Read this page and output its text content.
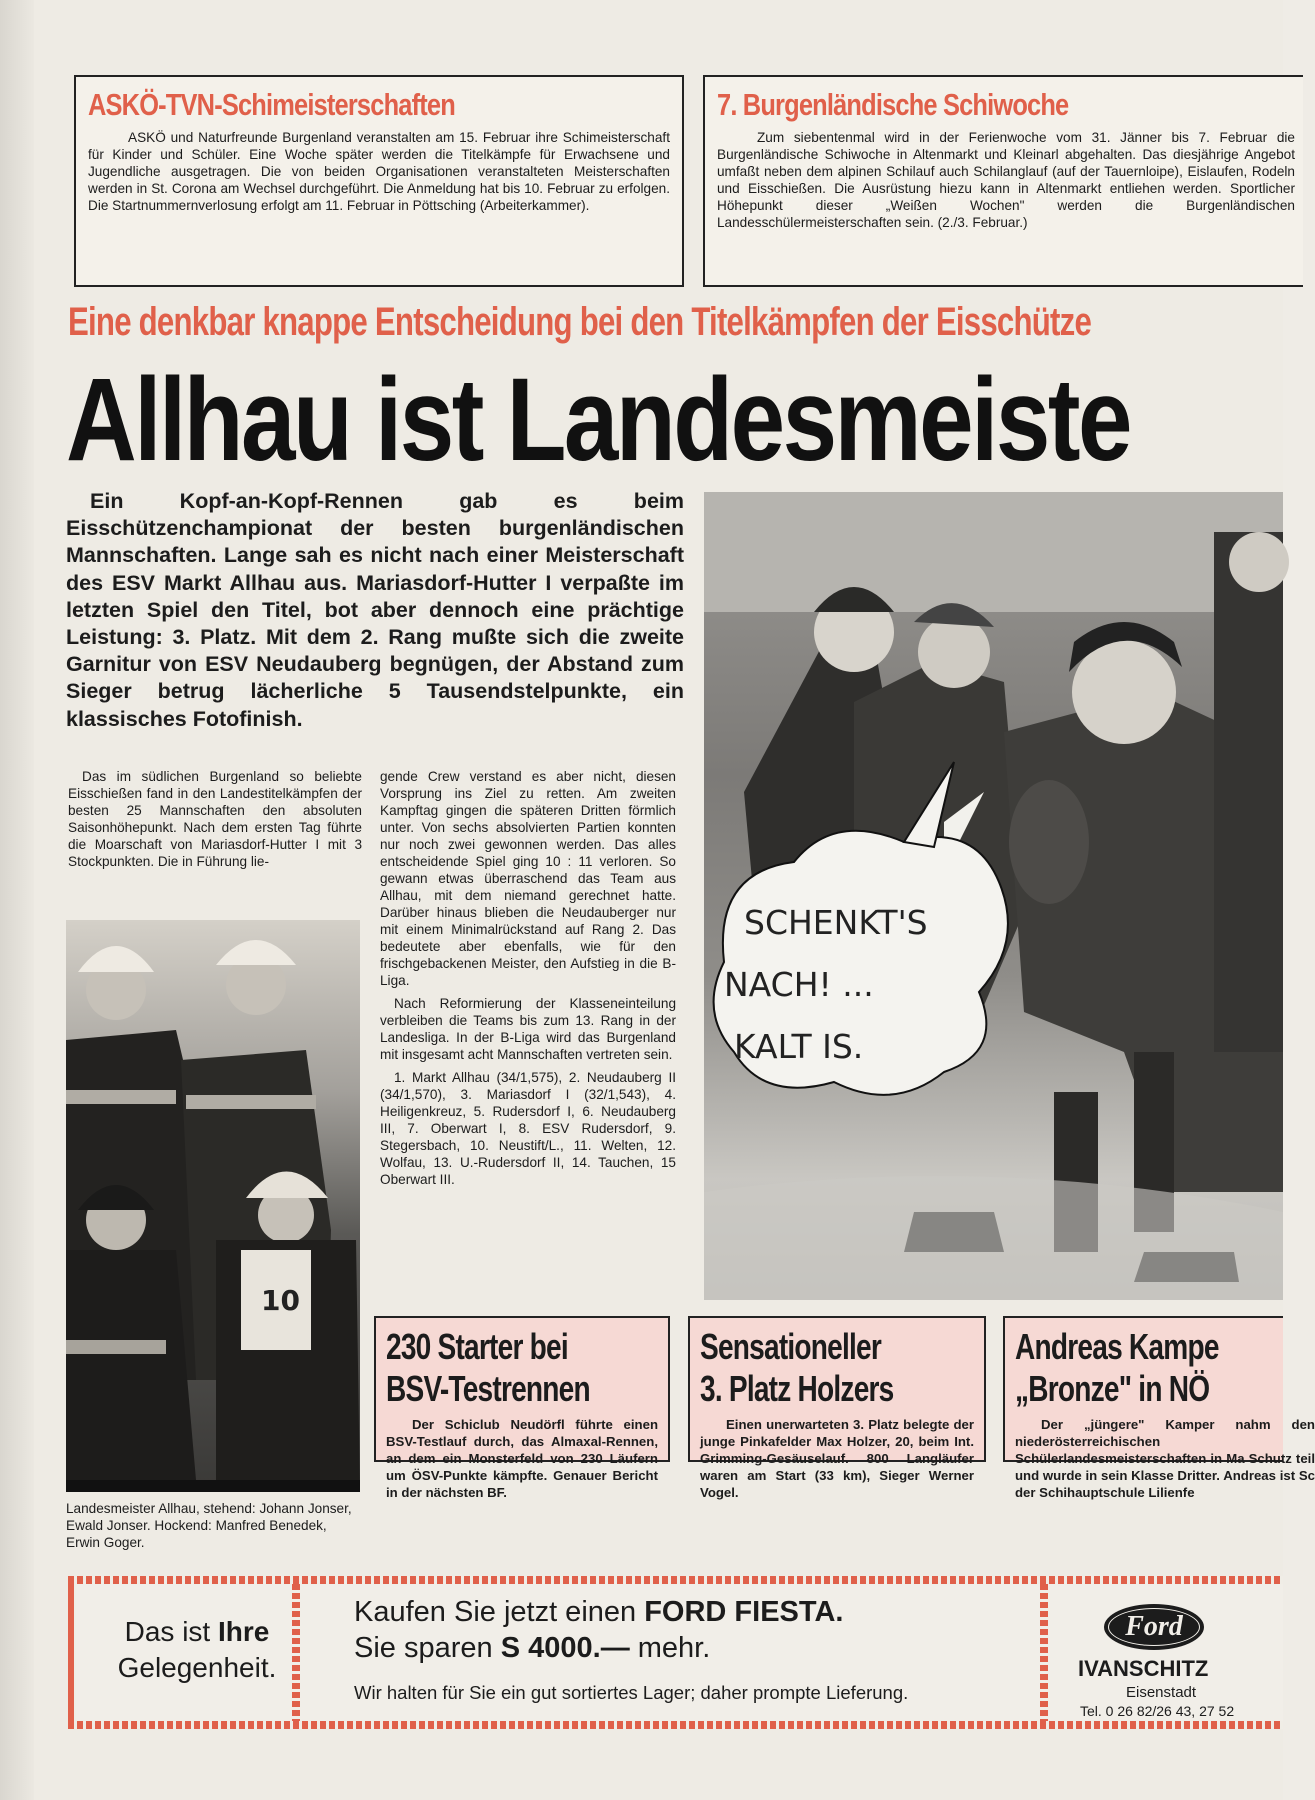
ASKÖ-TVN-Schimeisterschaften

ASKÖ und Naturfreunde Burgenland veranstalten am 15. Februar ihre Schimeisterschaft für Kinder und Schüler. Eine Woche später werden die Titelkämpfe für Erwachsene und Jugendliche ausgetragen. Die von beiden Organisationen veranstalteten Meisterschaften werden in St. Corona am Wechsel durchgeführt. Die Anmeldung hat bis 10. Februar zu erfolgen. Die Startnummernverlosung erfolgt am 11. Februar in Pöttsching (Arbeiterkammer).

7. Burgenländische Schiwoche

Zum siebentenmal wird in der Ferienwoche vom 31. Jänner bis 7. Februar die Burgenländische Schiwoche in Altenmarkt und Kleinarl abgehalten. Das diesjährige Angebot umfaßt neben dem alpinen Schilauf auch Schilanglauf (auf der Tauernloipe), Eislaufen, Rodeln und Eisschießen. Die Ausrüstung hiezu kann in Altenmarkt entliehen werden. Sportlicher Höhepunkt dieser „Weißen Wochen" werden die Burgenländischen Landesschülermeisterschaften sein. (2./3. Februar.)

Eine denkbar knappe Entscheidung bei den Titelkämpfen der Eisschütze
Allhau ist Landesmeiste
Ein Kopf-an-Kopf-Rennen gab es beim Eisschützenchampionat der besten burgenländischen Mannschaften. Lange sah es nicht nach einer Meisterschaft des ESV Markt Allhau aus. Mariasdorf-Hutter I verpaßte im letzten Spiel den Titel, bot aber dennoch eine prächtige Leistung: 3. Platz. Mit dem 2. Rang mußte sich die zweite Garnitur von ESV Neudauberg begnügen, der Abstand zum Sieger betrug lächerliche 5 Tausendstelpunkte, ein klassisches Fotofinish.
SCHENKT'S
NACH! ...
KALT IS.

Das im südlichen Burgenland so beliebte Eisschießen fand in den Landestitelkämpfen der besten 25 Mannschaften den absoluten Saisonhöhepunkt. Nach dem ersten Tag führte die Moarschaft von Mariasdorf-Hutter I mit 3 Stockpunkten. Die in Führung lie-

gende Crew verstand es aber nicht, diesen Vorsprung ins Ziel zu retten. Am zweiten Kampftag gingen die späteren Dritten förmlich unter. Von sechs absolvierten Partien konnten nur noch zwei gewonnen werden. Das alles entscheidende Spiel ging 10 : 11 verloren. So gewann etwas überraschend das Team aus Allhau, mit dem niemand gerechnet hatte. Darüber hinaus blieben die Neudauberger nur mit einem Minimalrückstand auf Rang 2. Das bedeutete aber ebenfalls, wie für den frischgebackenen Meister, den Aufstieg in die B-Liga.

Nach Reformierung der Klasseneinteilung verbleiben die Teams bis zum 13. Rang in der Landesliga. In der B-Liga wird das Burgenland mit insgesamt acht Mannschaften vertreten sein.

1. Markt Allhau (34/1,575), 2. Neudauberg II (34/1,570), 3. Mariasdorf I (32/1,543), 4. Heiligenkreuz, 5. Rudersdorf I, 6. Neudauberg III, 7. Oberwart I, 8. ESV Rudersdorf, 9. Stegersbach, 10. Neustift/L., 11. Welten, 12. Wolfau, 13. U.-Rudersdorf II, 14. Tauchen, 15 Oberwart III.

10
Landesmeister Allhau, stehend: Johann Jonser, Ewald Jonser. Hockend: Manfred Benedek, Erwin Goger.
230 Starter bei
BSV-Testrennen
Der Schiclub Neudörfl führte einen BSV-Testlauf durch, das Almaxal-Rennen, an dem ein Monsterfeld von 230 Läufern um ÖSV-Punkte kämpfte. Genauer Bericht in der nächsten BF.
Sensationeller
3. Platz Holzers
Einen unerwarteten 3. Platz belegte der junge Pinkafelder Max Holzer, 20, beim Int. Grimming-Gesäuselauf. 800 Langläufer waren am Start (33 km), Sieger Werner Vogel.
Andreas Kampe
„Bronze" in NÖ
Der „jüngere" Kamper nahm den niederösterreichischen Schülerlandesmeisterschaften in Ma Schutz teil und wurde in sein Klasse Dritter. Andreas ist Sc der Schihauptschule Lilienfe
Das ist Ihre
Gelegenheit.
Kaufen Sie jetzt einen FORD FIESTA.
Sie sparen S 4000.— mehr.
Wir halten für Sie ein gut sortiertes Lager; daher prompte Lieferung.
Ford
IVANSCHITZ
Eisenstadt
Tel. 0 26 82/26 43, 27 52
